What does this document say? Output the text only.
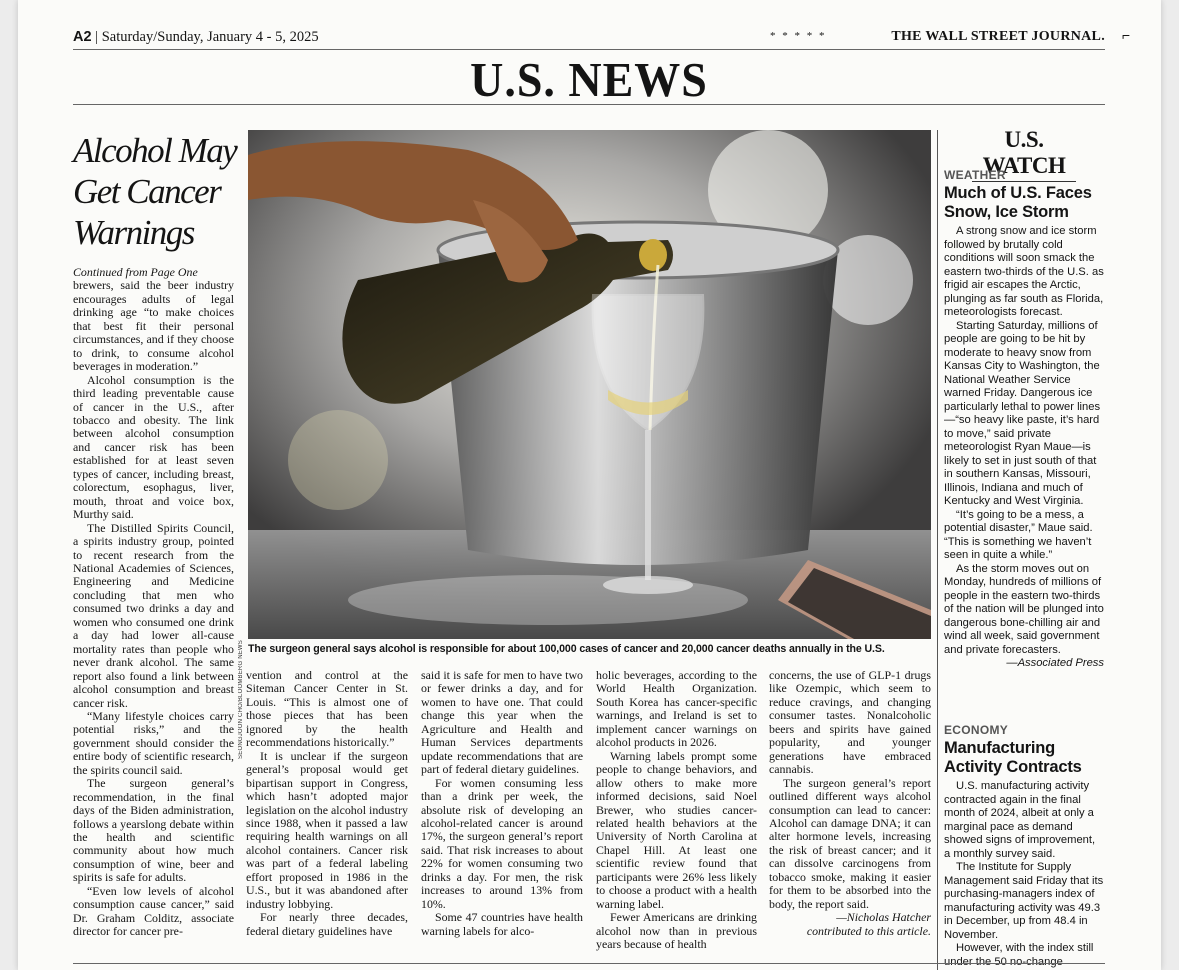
A2 | Saturday/Sunday, January 4 - 5, 2025	* * * * *	THE WALL STREET JOURNAL. ⌐
U.S. NEWS
Alcohol May Get Cancer Warnings

Continued from Page One

brewers, said the beer industry encourages adults of legal drinking age “to make choices that best fit their personal circumstances, and if they choose to drink, to consume alcohol beverages in moderation.”

Alcohol consumption is the third leading preventable cause of cancer in the U.S., after tobacco and obesity. The link between alcohol consumption and cancer risk has been established for at least seven types of cancer, including breast, colorectum, esophagus, liver, mouth, throat and voice box, Murthy said.

The Distilled Spirits Council, a spirits industry group, pointed to recent research from the National Academies of Sciences, Engineering and Medicine concluding that men who consumed two drinks a day and women who consumed one drink a day had lower all-cause mortality rates than people who never drank alcohol. The same report also found a link between alcohol consumption and breast cancer risk.

“Many lifestyle choices carry potential risks,” and the government should consider the entire body of scientific research, the spirits council said.

The surgeon general’s recommendation, in the final days of the Biden administration, follows a yearslong debate within the health and scientific community about how much consumption of wine, beer and spirits is safe for adults.

“Even low levels of alcohol consumption cause cancer,” said Dr. Graham Colditz, associate director for cancer pre-

SEONGJOON CHO/BLOOMBERG NEWS The surgeon general says alcohol is responsible for about 100,000 cases of cancer and 20,000 cancer deaths annually in the U.S.

vention and control at the Siteman Cancer Center in St. Louis. “This is almost one of those pieces that has been ignored by the health recommendations historically.”

It is unclear if the surgeon general’s proposal would get bipartisan support in Congress, which hasn’t adopted major legislation on the alcohol industry since 1988, when it passed a law requiring health warnings on all alcohol containers. Cancer risk was part of a federal labeling effort proposed in 1986 in the U.S., but it was abandoned after industry lobbying.

For nearly three decades, federal dietary guidelines have

said it is safe for men to have two or fewer drinks a day, and for women to have one. That could change this year when the Agriculture and Health and Human Services departments update recommendations that are part of federal dietary guidelines.

For women consuming less than a drink per week, the absolute risk of developing an alcohol-related cancer is around 17%, the surgeon general’s report said. That risk increases to about 22% for women consuming two drinks a day. For men, the risk increases to around 13% from 10%.

Some 47 countries have health warning labels for alco-

holic beverages, according to the World Health Organization. South Korea has cancer-specific warnings, and Ireland is set to implement cancer warnings on alcohol products in 2026.

Warning labels prompt some people to change behaviors, and allow others to make more informed decisions, said Noel Brewer, who studies cancer-related health behaviors at the University of North Carolina at Chapel Hill. At least one scientific review found that participants were 26% less likely to choose a product with a health warning label.

Fewer Americans are drinking alcohol now than in previous years because of health

concerns, the use of GLP-1 drugs like Ozempic, which seem to reduce cravings, and changing consumer tastes. Nonalcoholic beers and spirits have gained popularity, and younger generations have embraced cannabis.

The surgeon general’s report outlined different ways alcohol consumption can lead to cancer: Alcohol can damage DNA; it can alter hormone levels, increasing the risk of breast cancer; and it can dissolve carcinogens from tobacco smoke, making it easier for them to be absorbed into the body, the report said.

—Nicholas Hatcher

contributed to this article.

U.S. WATCH
WEATHER
Much of U.S. Faces Snow, Ice Storm

A strong snow and ice storm followed by brutally cold conditions will soon smack the eastern two-thirds of the U.S. as frigid air escapes the Arctic, plunging as far south as Florida, meteorologists forecast.

Starting Saturday, millions of people are going to be hit by moderate to heavy snow from Kansas City to Washington, the National Weather Service warned Friday. Dangerous ice particularly lethal to power lines—“so heavy like paste, it’s hard to move,” said private meteorologist Ryan Maue—is likely to set in just south of that in southern Kansas, Missouri, Illinois, Indiana and much of Kentucky and West Virginia.

“It’s going to be a mess, a potential disaster,” Maue said. “This is something we haven’t seen in quite a while.”

As the storm moves out on Monday, hundreds of millions of people in the eastern two-thirds of the nation will be plunged into dangerous bone-chilling air and wind all week, said government and private forecasters.

—Associated Press

ECONOMY
Manufacturing Activity Contracts

U.S. manufacturing activity contracted again in the final month of 2024, albeit at only a marginal pace as demand showed signs of improvement, a monthly survey said.

The Institute for Supply Management said Friday that its purchasing-managers index of manufacturing activity was 49.3 in December, up from 48.4 in November.

However, with the index still under the 50 no-change
